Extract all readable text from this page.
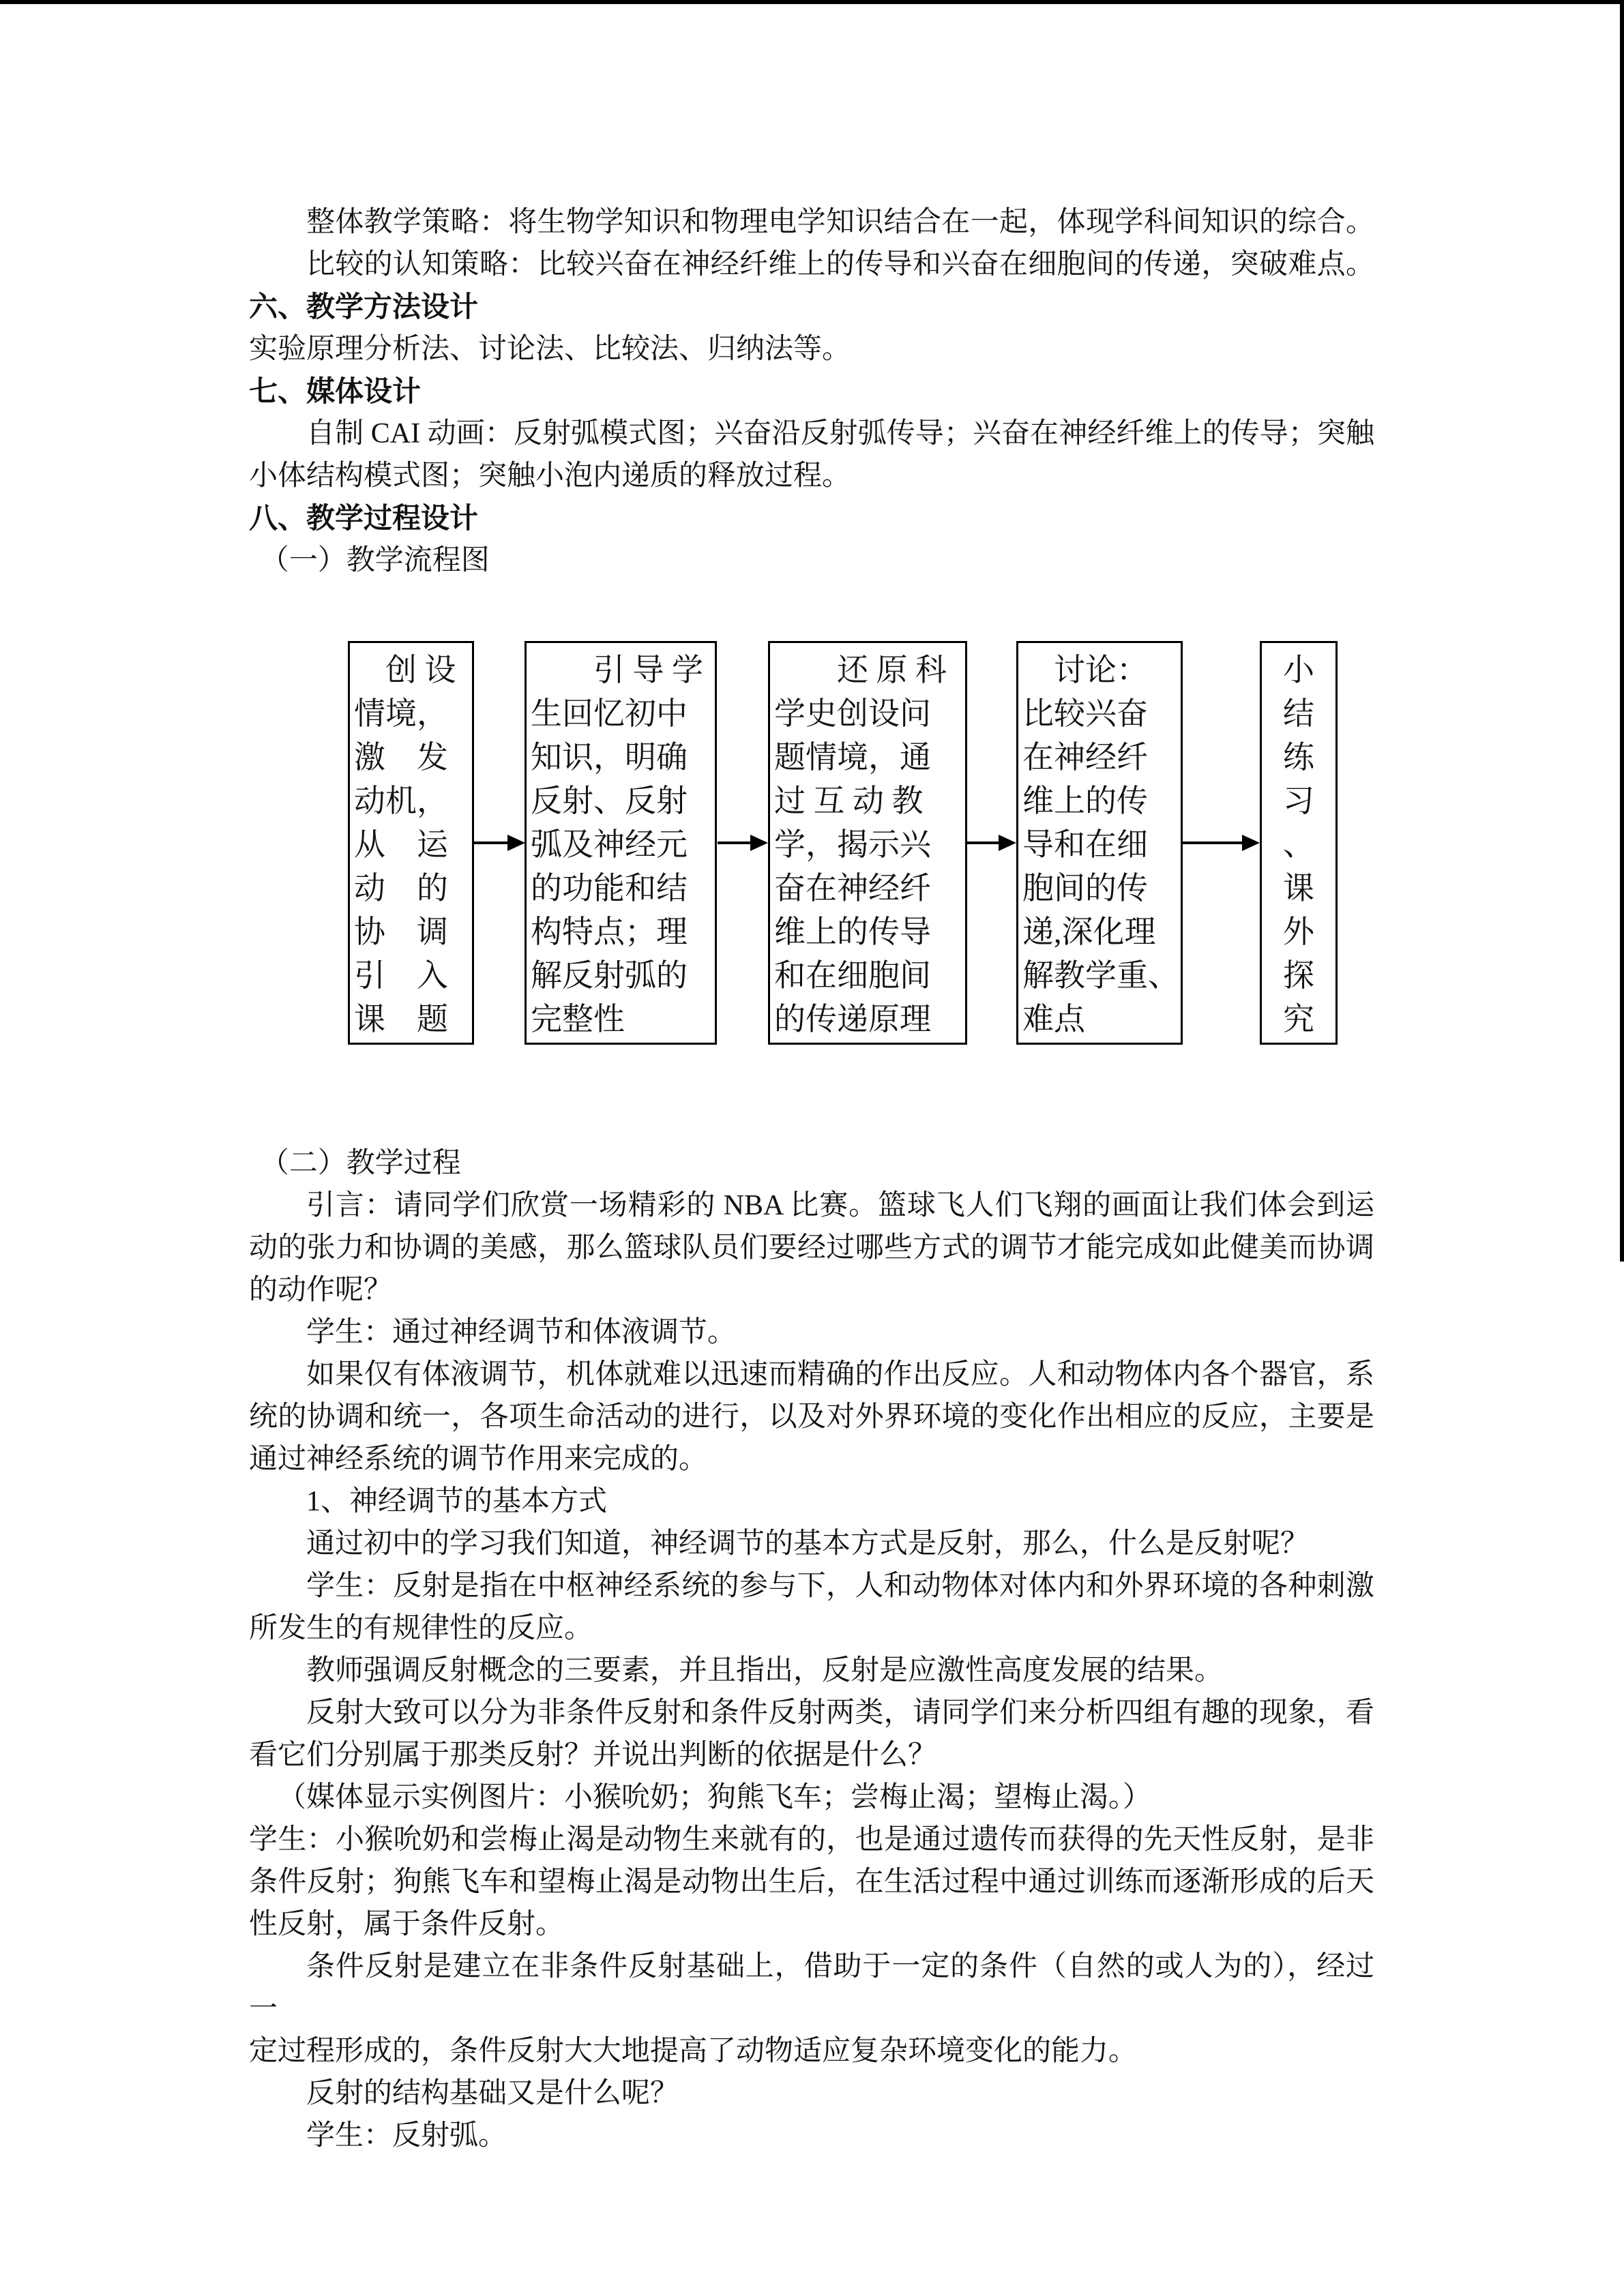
整体教学策略：将生物学知识和物理电学知识结合在一起，体现学科间知识的综合。
比较的认知策略：比较兴奋在神经纤维上的传导和兴奋在细胞间的传递，突破难点。
六、教学方法设计
实验原理分析法、讨论法、比较法、归纳法等。
七、媒体设计
自制 CAI 动画：反射弧模式图；兴奋沿反射弧传导；兴奋在神经纤维上的传导；突触
小体结构模式图；突触小泡内递质的释放过程。
八、教学过程设计
（一）教学流程图
　创 设
情境，
激　发
动机，
从　运
动　的
协　调
引　入
课　题
　　引 导 学
生回忆初中
知识，明确
反射、反射
弧及神经元
的功能和结
构特点；理
解反射弧的
完整性
　　还 原 科
学史创设问
题情境，通
过 互 动 教
学，揭示兴
奋在神经纤
维上的传导
和在细胞间
的传递原理
　讨论：
比较兴奋
在神经纤
维上的传
导和在细
胞间的传
递,深化理
解教学重、
难点
小
结
练
习
、
课
外
探
究
（二）教学过程
引言：请同学们欣赏一场精彩的 NBA 比赛。篮球飞人们飞翔的画面让我们体会到运
动的张力和协调的美感，那么篮球队员们要经过哪些方式的调节才能完成如此健美而协调
的动作呢？
学生：通过神经调节和体液调节。
如果仅有体液调节，机体就难以迅速而精确的作出反应。人和动物体内各个器官，系
统的协调和统一，各项生命活动的进行，以及对外界环境的变化作出相应的反应，主要是
通过神经系统的调节作用来完成的。
1、神经调节的基本方式
通过初中的学习我们知道，神经调节的基本方式是反射，那么，什么是反射呢？
学生：反射是指在中枢神经系统的参与下，人和动物体对体内和外界环境的各种刺激
所发生的有规律性的反应。
教师强调反射概念的三要素，并且指出，反射是应激性高度发展的结果。
反射大致可以分为非条件反射和条件反射两类，请同学们来分析四组有趣的现象，看
看它们分别属于那类反射？并说出判断的依据是什么？
（媒体显示实例图片：小猴吮奶；狗熊飞车；尝梅止渴；望梅止渴。）
学生：小猴吮奶和尝梅止渴是动物生来就有的，也是通过遗传而获得的先天性反射，是非
条件反射；狗熊飞车和望梅止渴是动物出生后，在生活过程中通过训练而逐渐形成的后天
性反射，属于条件反射。
条件反射是建立在非条件反射基础上，借助于一定的条件（自然的或人为的），经过一
定过程形成的，条件反射大大地提高了动物适应复杂环境变化的能力。
反射的结构基础又是什么呢？
学生：反射弧。
